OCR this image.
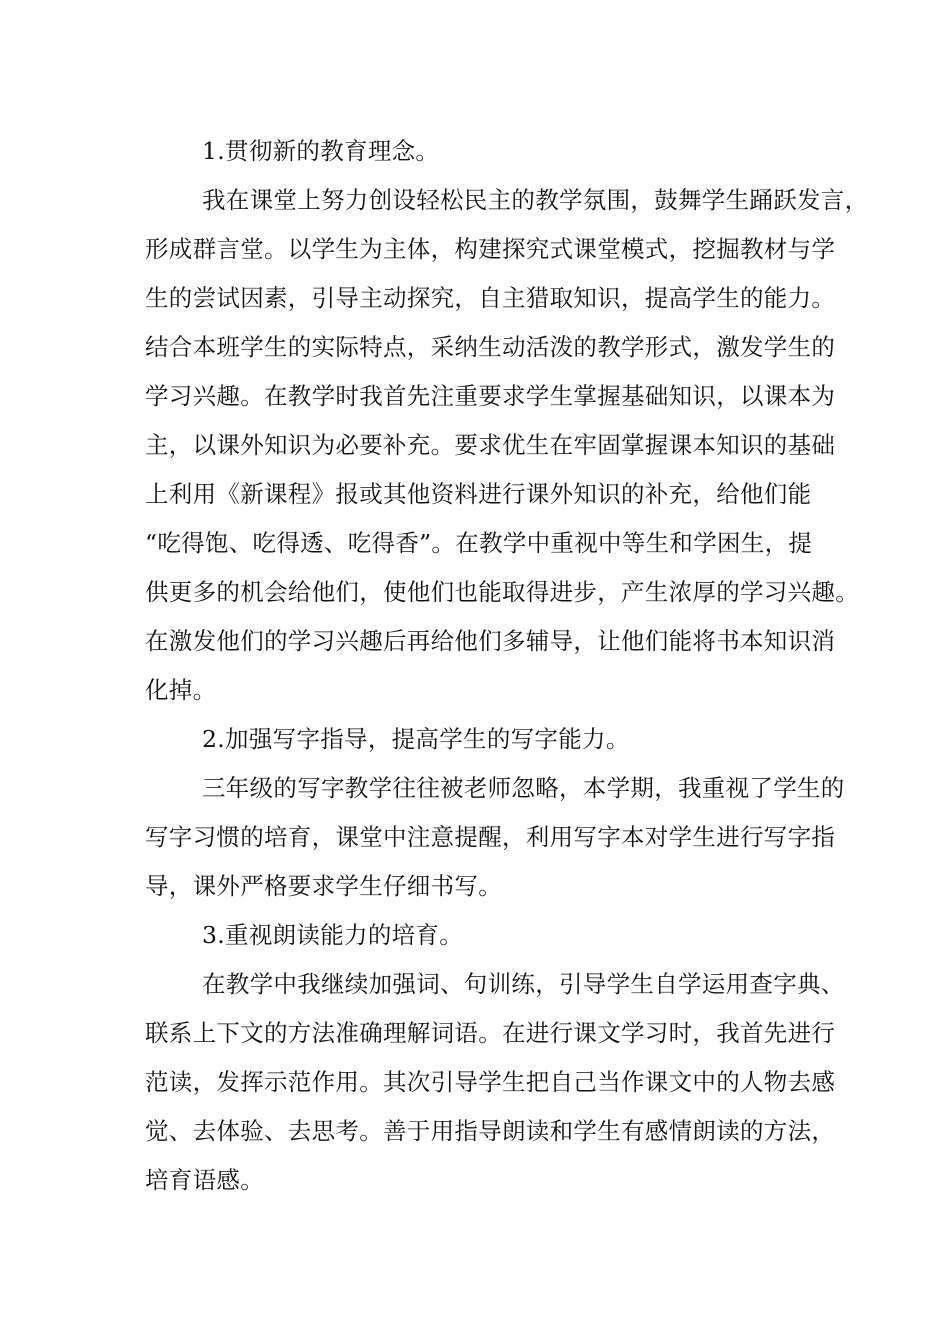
1.贯彻新的教育理念。
我在课堂上努力创设轻松民主的教学氛围，鼓舞学生踊跃发言，
形成群言堂。以学生为主体，构建探究式课堂模式，挖掘教材与学
生的尝试因素，引导主动探究，自主猎取知识，提高学生的能力。
结合本班学生的实际特点，采纳生动活泼的教学形式，激发学生的
学习兴趣。在教学时我首先注重要求学生掌握基础知识，以课本为
主，以课外知识为必要补充。要求优生在牢固掌握课本知识的基础
上利用《新课程》报或其他资料进行课外知识的补充，给他们能
“吃得饱、吃得透、吃得香”。在教学中重视中等生和学困生，提
供更多的机会给他们，使他们也能取得进步，产生浓厚的学习兴趣。
在激发他们的学习兴趣后再给他们多辅导，让他们能将书本知识消
化掉。
2.加强写字指导，提高学生的写字能力。
三年级的写字教学往往被老师忽略，本学期，我重视了学生的
写字习惯的培育，课堂中注意提醒，利用写字本对学生进行写字指
导，课外严格要求学生仔细书写。
3.重视朗读能力的培育。
在教学中我继续加强词、句训练，引导学生自学运用查字典、
联系上下文的方法准确理解词语。在进行课文学习时，我首先进行
范读，发挥示范作用。其次引导学生把自己当作课文中的人物去感
觉、去体验、去思考。善于用指导朗读和学生有感情朗读的方法，
培育语感。
